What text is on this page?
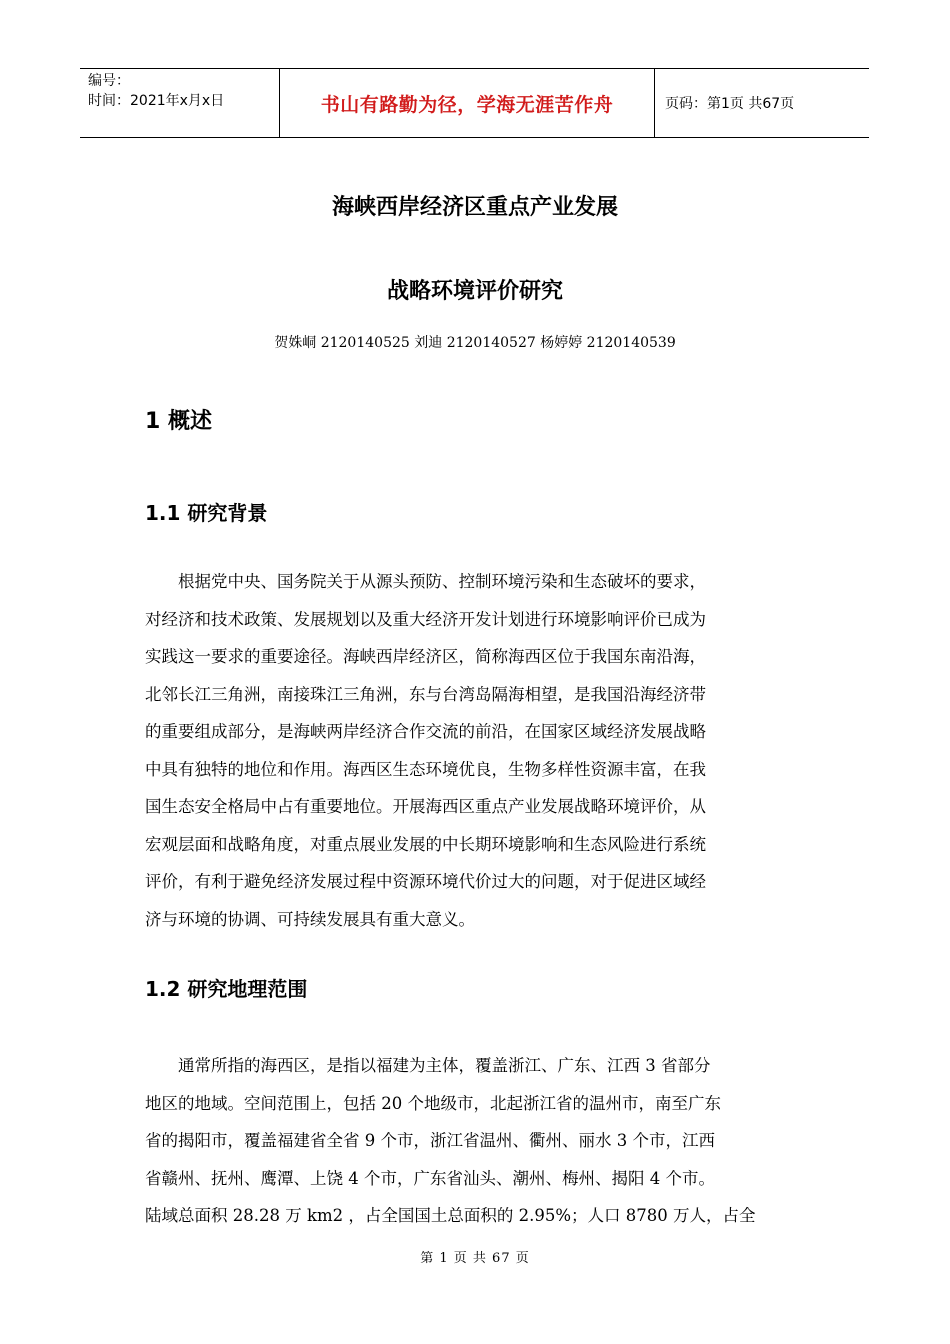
编号：
时间：2021年x月x日	书山有路勤为径，学海无涯苦作舟	页码：第1页 共67页
海峡西岸经济区重点产业发展
战略环境评价研究
贺姝峒 2120140525 刘迪 2120140527 杨婷婷 2120140539
1 概述
1.1 研究背景
根据党中央、国务院关于从源头预防、控制环境污染和生态破坏的要求，
对经济和技术政策、发展规划以及重大经济开发计划进行环境影响评价已成为
实践这一要求的重要途径。海峡西岸经济区，简称海西区位于我国东南沿海，
北邻长江三角洲，南接珠江三角洲，东与台湾岛隔海相望，是我国沿海经济带
的重要组成部分，是海峡两岸经济合作交流的前沿，在国家区域经济发展战略
中具有独特的地位和作用。海西区生态环境优良，生物多样性资源丰富，在我
国生态安全格局中占有重要地位。开展海西区重点产业发展战略环境评价，从
宏观层面和战略角度，对重点展业发展的中长期环境影响和生态风险进行系统
评价，有利于避免经济发展过程中资源环境代价过大的问题，对于促进区域经
济与环境的协调、可持续发展具有重大意义。
1.2 研究地理范围
通常所指的海西区，是指以福建为主体，覆盖浙江、广东、江西 3 省部分
地区的地域。空间范围上，包括 20 个地级市，北起浙江省的温州市，南至广东
省的揭阳市，覆盖福建省全省 9 个市，浙江省温州、衢州、丽水 3 个市，江西
省赣州、抚州、鹰潭、上饶 4 个市，广东省汕头、潮州、梅州、揭阳 4 个市。
陆域总面积 28.28 万 km2 ，占全国国土总面积的 2.95%；人口 8780 万人，占全
第 1 页 共 67 页
